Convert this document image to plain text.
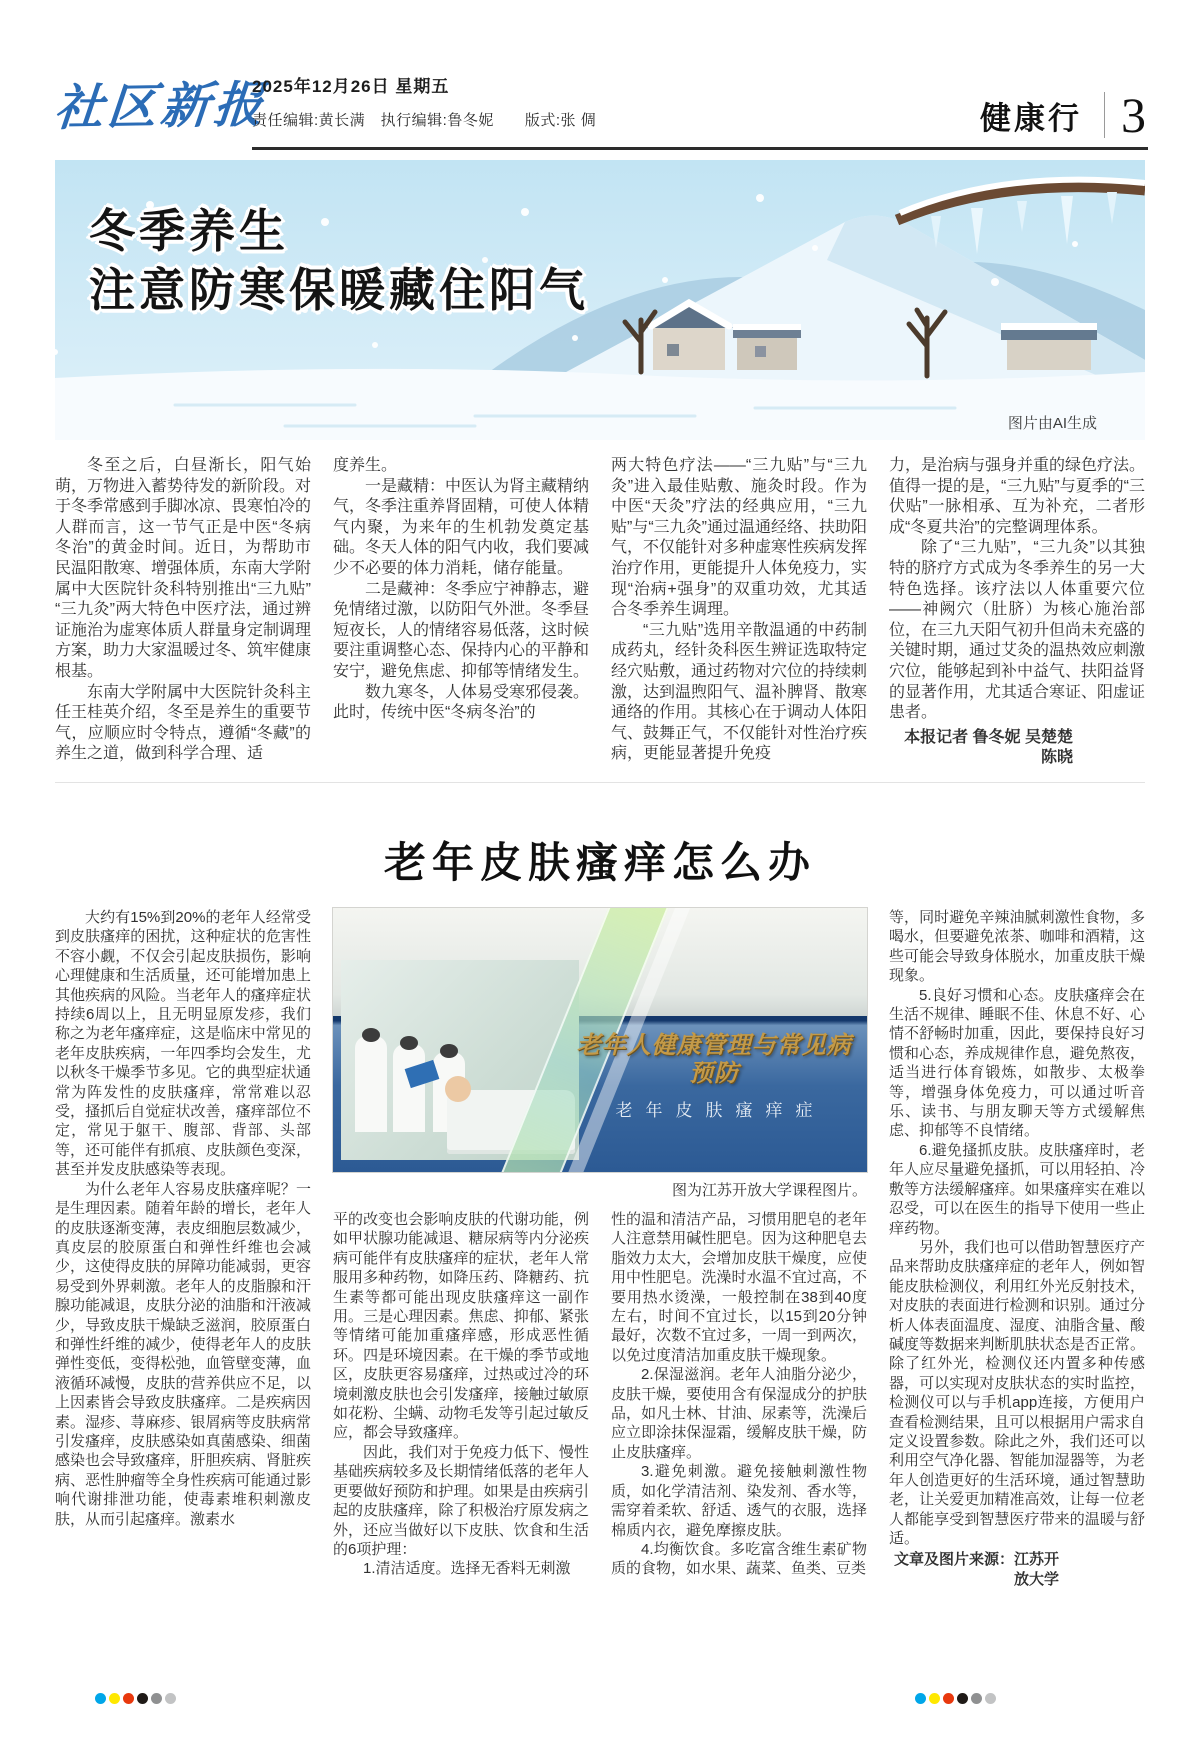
社区新报
2025年12月26日 星期五
责任编辑:黄长满　执行编辑:鲁冬妮　　版式:张 倜	健康行 3
冬季养生
注意防寒保暖藏住阳气
图片由AI生成

冬至之后，白昼渐长，阳气始萌，万物进入蓄势待发的新阶段。对于冬季常感到手脚冰凉、畏寒怕冷的人群而言，这一节气正是中医“冬病冬治”的黄金时间。近日，为帮助市民温阳散寒、增强体质，东南大学附属中大医院针灸科特别推出“三九贴”“三九灸”两大特色中医疗法，通过辨证施治为虚寒体质人群量身定制调理方案，助力大家温暖过冬、筑牢健康根基。

东南大学附属中大医院针灸科主任王桂英介绍，冬至是养生的重要节气，应顺应时令特点，遵循“冬藏”的养生之道，做到科学合理、适

度养生。

一是藏精：中医认为肾主藏精纳气，冬季注重养肾固精，可使人体精气内聚，为来年的生机勃发奠定基础。冬天人体的阳气内收，我们要减少不必要的体力消耗，储存能量。

二是藏神：冬季应宁神静志，避免情绪过激，以防阳气外泄。冬季昼短夜长，人的情绪容易低落，这时候要注重调整心态、保持内心的平静和安宁，避免焦虑、抑郁等情绪发生。

数九寒冬，人体易受寒邪侵袭。此时，传统中医“冬病冬治”的

两大特色疗法——“三九贴”与“三九灸”进入最佳贴敷、施灸时段。作为中医“天灸”疗法的经典应用，“三九贴”与“三九灸”通过温通经络、扶助阳气，不仅能针对多种虚寒性疾病发挥治疗作用，更能提升人体免疫力，实现“治病+强身”的双重功效，尤其适合冬季养生调理。

“三九贴”选用辛散温通的中药制成药丸，经针灸科医生辨证选取特定经穴贴敷，通过药物对穴位的持续刺激，达到温煦阳气、温补脾肾、散寒通络的作用。其核心在于调动人体阳气、鼓舞正气，不仅能针对性治疗疾病，更能显著提升免疫

力，是治病与强身并重的绿色疗法。值得一提的是，“三九贴”与夏季的“三伏贴”一脉相承、互为补充，二者形成“冬夏共治”的完整调理体系。

除了“三九贴”，“三九灸”以其独特的脐疗方式成为冬季养生的另一大特色选择。该疗法以人体重要穴位——神阙穴（肚脐）为核心施治部位，在三九天阳气初升但尚未充盛的关键时期，通过艾灸的温热效应刺激穴位，能够起到补中益气、扶阳益肾的显著作用，尤其适合寒证、阳虚证患者。

本报记者 鲁冬妮 吴楚楚 陈晓

老年皮肤瘙痒怎么办

大约有15%到20%的老年人经常受到皮肤瘙痒的困扰，这种症状的危害性不容小觑，不仅会引起皮肤损伤，影响心理健康和生活质量，还可能增加患上其他疾病的风险。当老年人的瘙痒症状持续6周以上，且无明显原发疹，我们称之为老年瘙痒症，这是临床中常见的老年皮肤疾病，一年四季均会发生，尤以秋冬干燥季节多见。它的典型症状通常为阵发性的皮肤瘙痒，常常难以忍受，搔抓后自觉症状改善，瘙痒部位不定，常见于躯干、腹部、背部、头部等，还可能伴有抓痕、皮肤颜色变深，甚至并发皮肤感染等表现。

为什么老年人容易皮肤瘙痒呢？一是生理因素。随着年龄的增长，老年人的皮肤逐渐变薄，表皮细胞层数减少，真皮层的胶原蛋白和弹性纤维也会减少，这使得皮肤的屏障功能减弱，更容易受到外界刺激。老年人的皮脂腺和汗腺功能减退，皮肤分泌的油脂和汗液减少，导致皮肤干燥缺乏滋润，胶原蛋白和弹性纤维的减少，使得老年人的皮肤弹性变低，变得松弛，血管壁变薄，血液循环减慢，皮肤的营养供应不足，以上因素皆会导致皮肤瘙痒。二是疾病因素。湿疹、荨麻疹、银屑病等皮肤病常引发瘙痒，皮肤感染如真菌感染、细菌感染也会导致瘙痒，肝胆疾病、肾脏疾病、恶性肿瘤等全身性疾病可能通过影响代谢排泄功能，使毒素堆积刺激皮肤，从而引起瘙痒。激素水

平的改变也会影响皮肤的代谢功能，例如甲状腺功能减退、糖尿病等内分泌疾病可能伴有皮肤瘙痒的症状，老年人常服用多种药物，如降压药、降糖药、抗生素等都可能出现皮肤瘙痒这一副作用。三是心理因素。焦虑、抑郁、紧张等情绪可能加重瘙痒感，形成恶性循环。四是环境因素。在干燥的季节或地区，皮肤更容易瘙痒，过热或过冷的环境刺激皮肤也会引发瘙痒，接触过敏原如花粉、尘螨、动物毛发等引起过敏反应，都会导致瘙痒。

因此，我们对于免疫力低下、慢性基础疾病较多及长期情绪低落的老年人更要做好预防和护理。如果是由疾病引起的皮肤瘙痒，除了积极治疗原发病之外，还应当做好以下皮肤、饮食和生活的6项护理：

1.清洁适度。选择无香料无刺激

性的温和清洁产品，习惯用肥皂的老年人注意禁用碱性肥皂。因为这种肥皂去脂效力太大，会增加皮肤干燥度，应使用中性肥皂。洗澡时水温不宜过高，不要用热水烫澡，一般控制在38到40度左右，时间不宜过长，以15到20分钟最好，次数不宜过多，一周一到两次，以免过度清洁加重皮肤干燥现象。

2.保湿滋润。老年人油脂分泌少，皮肤干燥，要使用含有保湿成分的护肤品，如凡士林、甘油、尿素等，洗澡后应立即涂抹保湿霜，缓解皮肤干燥，防止皮肤瘙痒。

3.避免刺激。避免接触刺激性物质，如化学清洁剂、染发剂、香水等，需穿着柔软、舒适、透气的衣服，选择棉质内衣，避免摩擦皮肤。

4.均衡饮食。多吃富含维生素矿物质的食物，如水果、蔬菜、鱼类、豆类

等，同时避免辛辣油腻刺激性食物，多喝水，但要避免浓茶、咖啡和酒精，这些可能会导致身体脱水，加重皮肤干燥现象。

5.良好习惯和心态。皮肤瘙痒会在生活不规律、睡眠不佳、休息不好、心情不舒畅时加重，因此，要保持良好习惯和心态，养成规律作息，避免熬夜，适当进行体育锻炼，如散步、太极拳等，增强身体免疫力，可以通过听音乐、读书、与朋友聊天等方式缓解焦虑、抑郁等不良情绪。

6.避免搔抓皮肤。皮肤瘙痒时，老年人应尽量避免搔抓，可以用轻拍、冷敷等方法缓解瘙痒。如果瘙痒实在难以忍受，可以在医生的指导下使用一些止痒药物。

另外，我们也可以借助智慧医疗产品来帮助皮肤瘙痒症的老年人，例如智能皮肤检测仪，利用红外光反射技术，对皮肤的表面进行检测和识别。通过分析人体表面温度、湿度、油脂含量、酸碱度等数据来判断肌肤状态是否正常。除了红外光，检测仪还内置多种传感器，可以实现对皮肤状态的实时监控，检测仪可以与手机app连接，方便用户查看检测结果，且可以根据用户需求自定义设置参数。除此之外，我们还可以利用空气净化器、智能加湿器等，为老年人创造更好的生活环境，通过智慧助老，让关爱更加精准高效，让每一位老人都能享受到智慧医疗带来的温暖与舒适。

文章及图片来源：江苏开放大学

老年人健康管理与常见病预防
老年皮肤瘙痒症
图为江苏开放大学课程图片。
